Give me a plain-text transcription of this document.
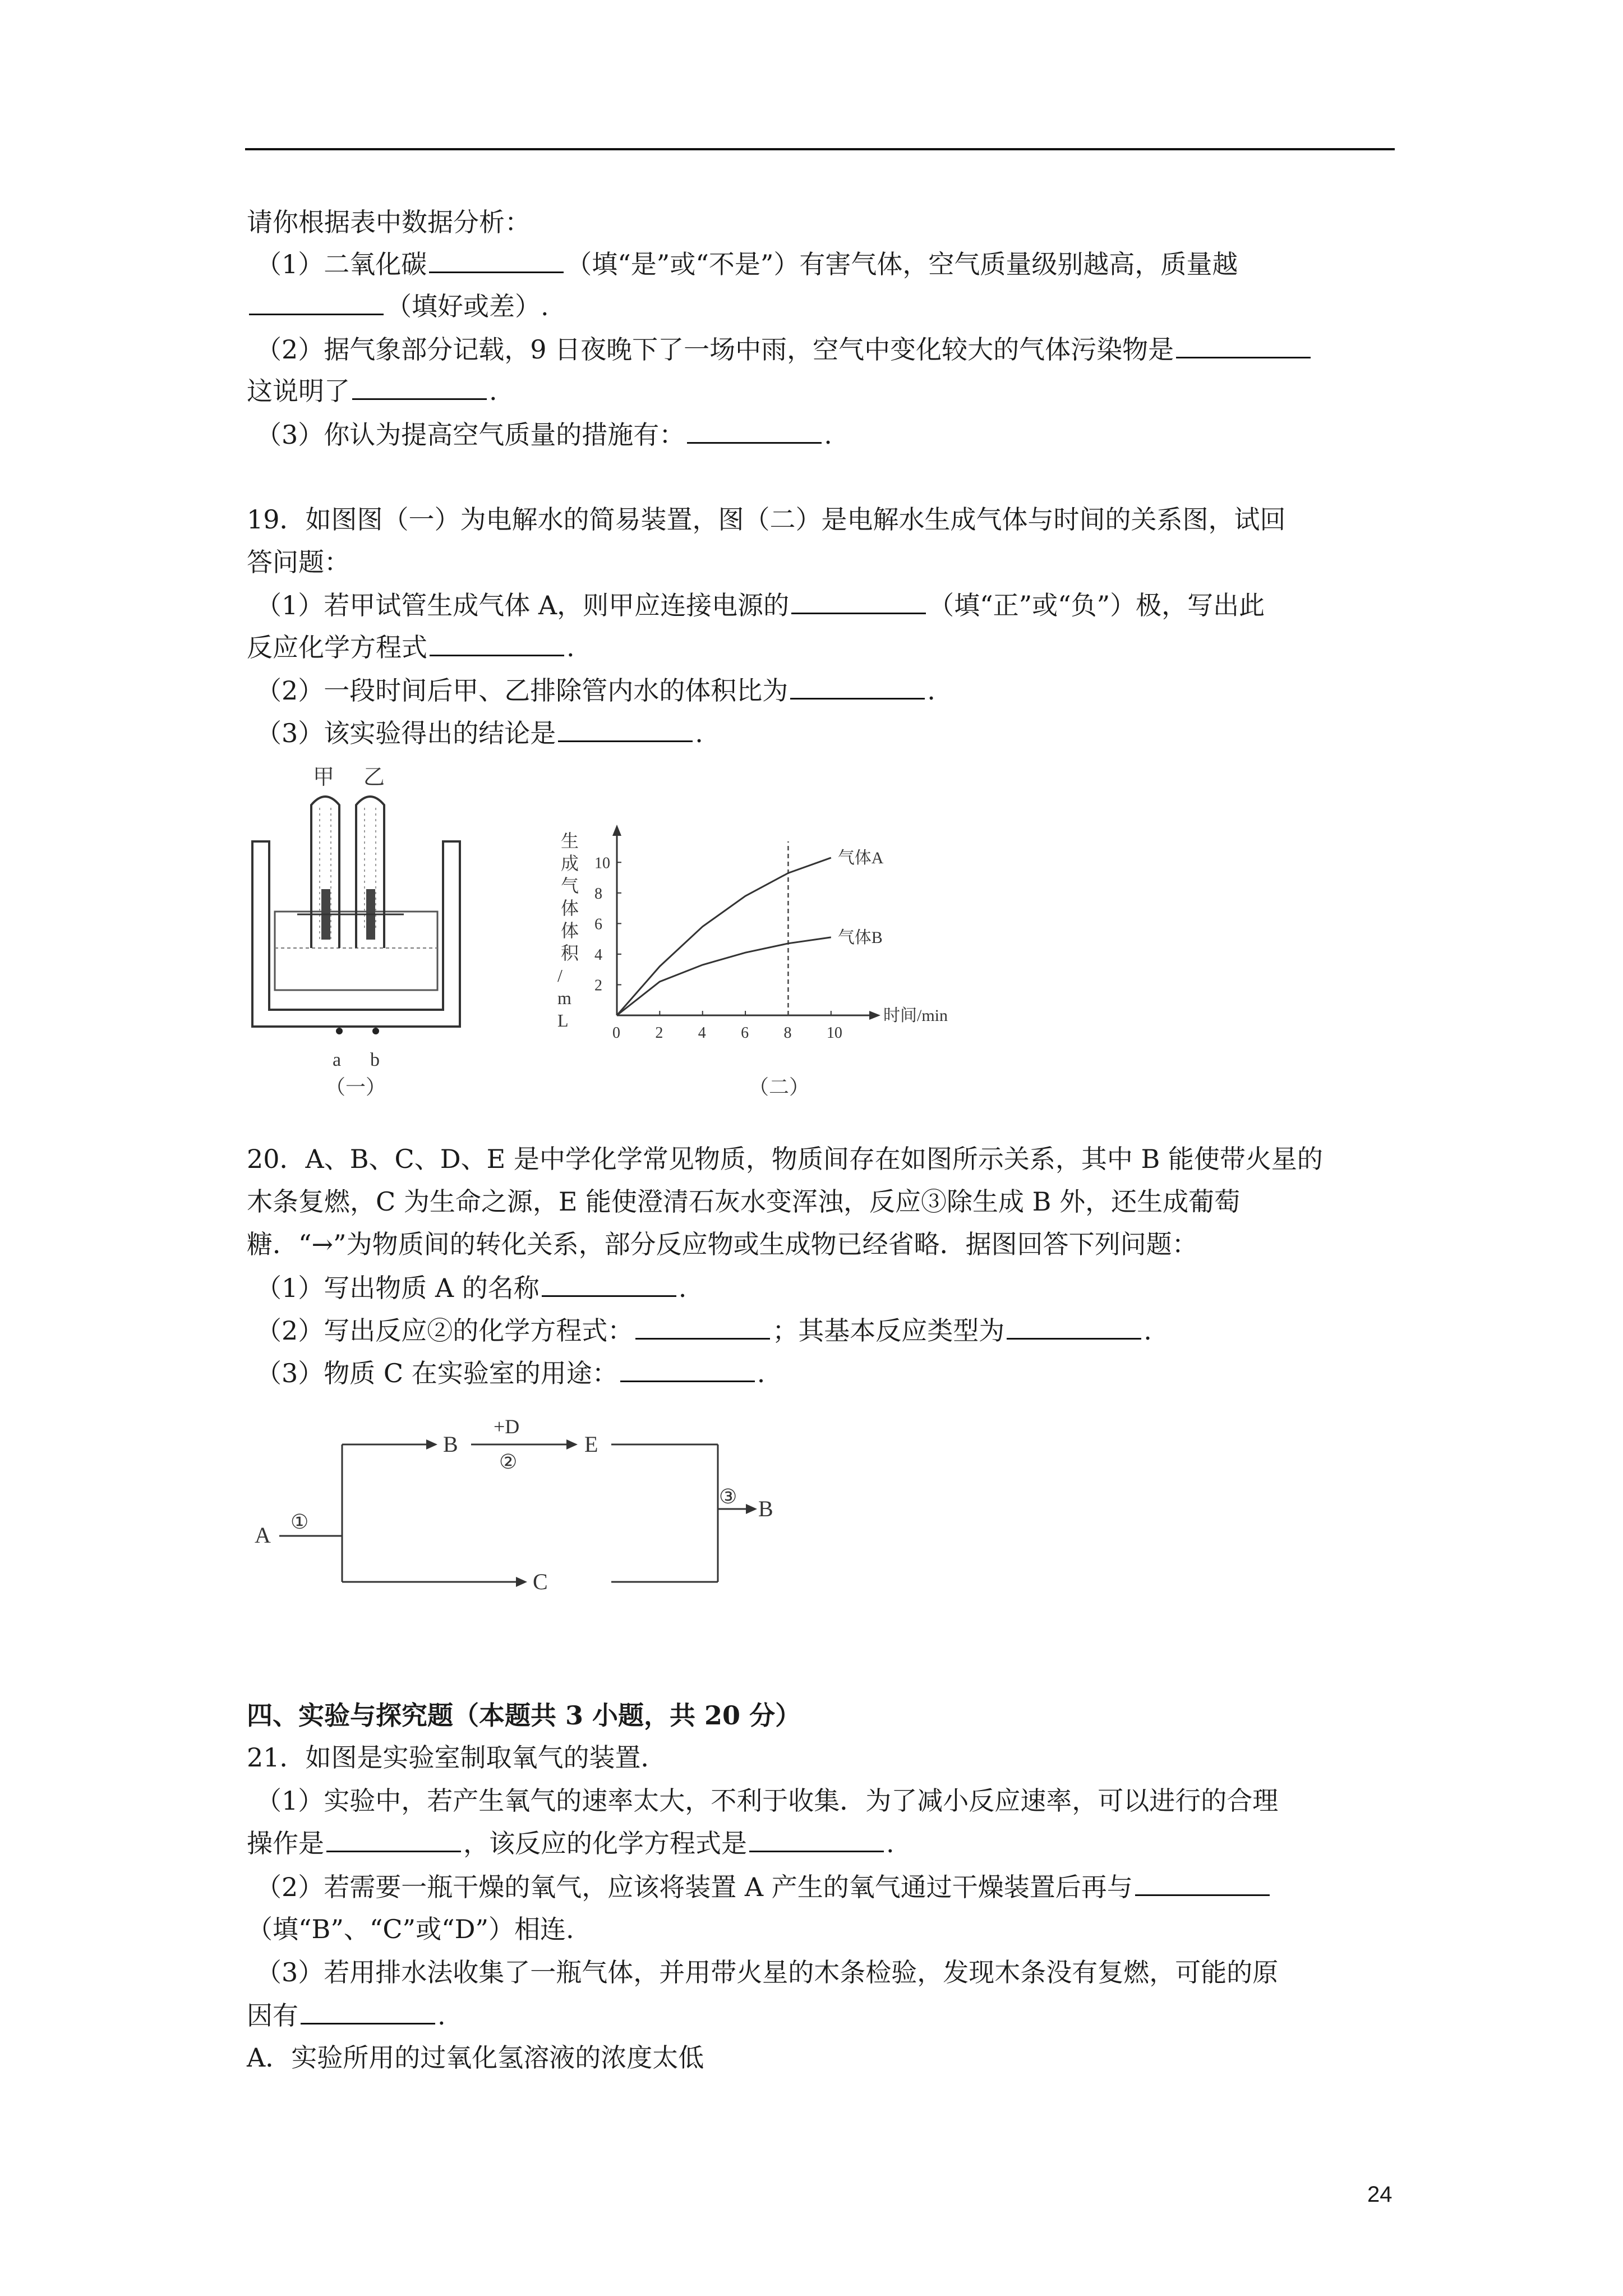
请你根据表中数据分析：
（1）二氧化碳	（填“是”或“不是”）有害气体，空气质量级别越高，质量越
（填好或差）.
（2）据气象部分记载，9 日夜晚下了一场中雨，空气中变化较大的气体污染物是
这说明了	.
（3）你认为提高空气质量的措施有：	.
19．如图图（一）为电解水的简易装置，图（二）是电解水生成气体与时间的关系图，试回
答问题：
（1）若甲试管生成气体 A，则甲应连接电源的	（填“正”或“负”）极，写出此
反应化学方程式	.
（2）一段时间后甲、乙排除管内水的体积比为	.
（3）该实验得出的结论是	.
甲 乙
a b
（一）
生
成
气
体
体
积
/
m
L	时间/min
0 2 4 6 8 10
2
4
6
8
10	气体A
气体B
（二）
20．A、B、C、D、E 是中学化学常见物质，物质间存在如图所示关系，其中 B 能使带火星的
木条复燃，C 为生命之源，E 能使澄清石灰水变浑浊，反应③除生成 B 外，还生成葡萄
糖．“→”为物质间的转化关系，部分反应物或生成物已经省略．据图回答下列问题：
（1）写出物质 A 的名称	.
（2）写出反应②的化学方程式：	；其基本反应类型为	.
（3）物质 C 在实验室的用途：	.
A
①
B
+D
②
E
③ B
C
四、实验与探究题（本题共 3 小题，共 20 分）
21．如图是实验室制取氧气的装置．
（1）实验中，若产生氧气的速率太大，不利于收集．为了减小反应速率，可以进行的合理
操作是	，该反应的化学方程式是	.
（2）若需要一瓶干燥的氧气，应该将装置 A 产生的氧气通过干燥装置后再与
（填“B”、“C”或“D”）相连.
（3）若用排水法收集了一瓶气体，并用带火星的木条检验，发现木条没有复燃，可能的原
因有	.
A．实验所用的过氧化氢溶液的浓度太低
24
